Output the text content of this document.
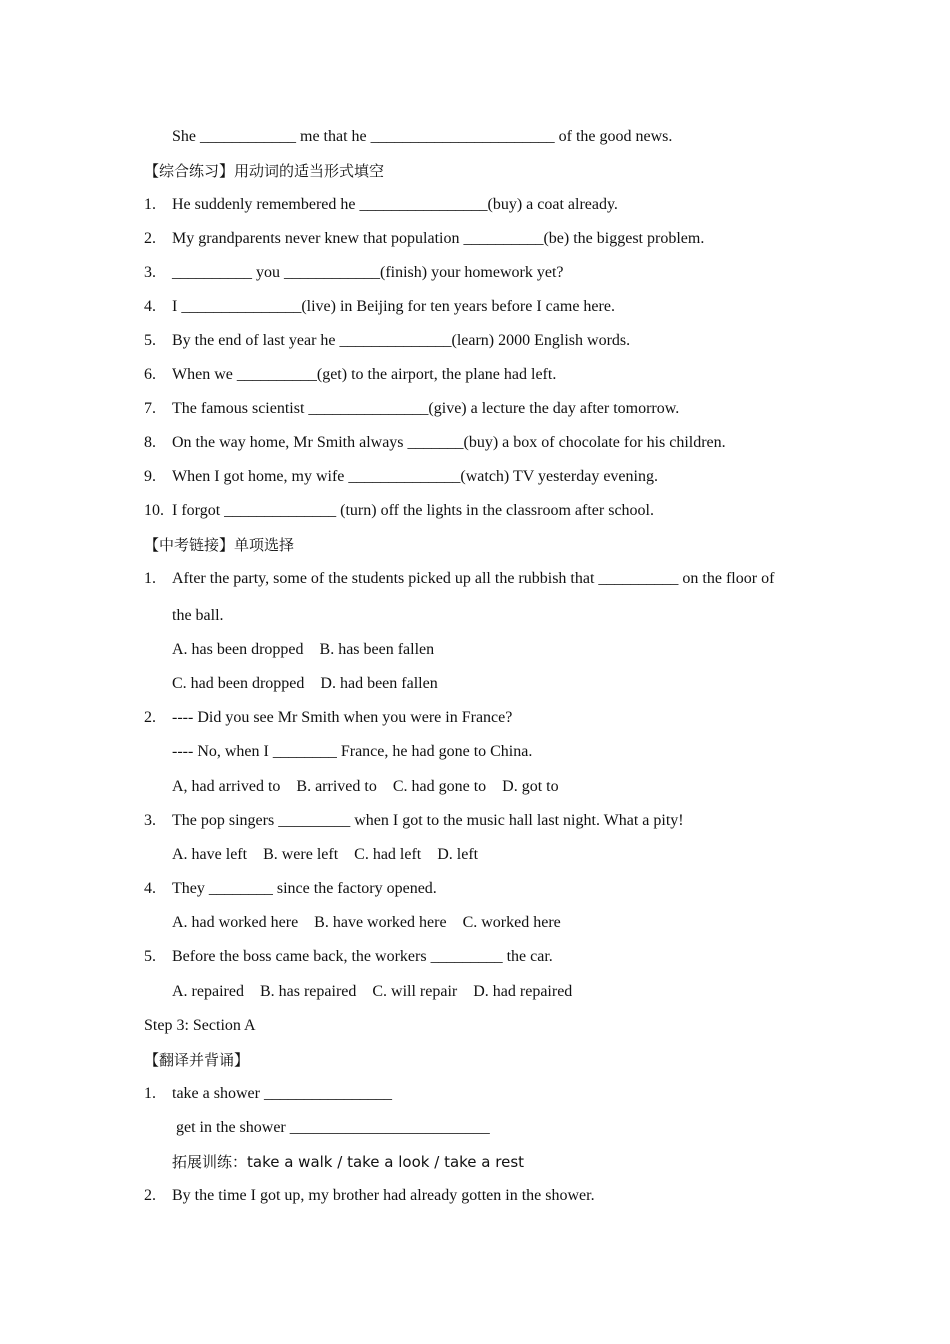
She ____________ me that he _______________________ of the good news.
【综合练习】用动词的适当形式填空
1. He suddenly remembered he ________________(buy) a coat already.
2. My grandparents never knew that population __________(be) the biggest problem.
3. __________ you ____________(finish) your homework yet?
4. I _______________(live) in Beijing for ten years before I came here.
5. By the end of last year he ______________(learn) 2000 English words.
6. When we __________(get) to the airport, the plane had left.
7. The famous scientist _______________(give) a lecture the day after tomorrow.
8. On the way home, Mr Smith always _______(buy) a box of chocolate for his children.
9. When I got home, my wife ______________(watch) TV yesterday evening.
10. I forgot ______________ (turn) off the lights in the classroom after school.
【中考链接】单项选择
1. After the party, some of the students picked up all the rubbish that __________ on the floor of
the ball.
A. has been dropped    B. has been fallen
C. had been dropped    D. had been fallen
2. ---- Did you see Mr Smith when you were in France?
---- No, when I ________ France, he had gone to China.
A, had arrived to    B. arrived to    C. had gone to    D. got to
3. The pop singers _________ when I got to the music hall last night. What a pity!
A. have left    B. were left    C. had left    D. left
4. They ________ since the factory opened.
A. had worked here    B. have worked here    C. worked here
5. Before the boss came back, the workers _________ the car.
A. repaired    B. has repaired    C. will repair    D. had repaired
Step 3: Section A
【翻译并背诵】
1. take a shower ________________
get in the shower _________________________
拓展训练：take a walk / take a look / take a rest
2. By the time I got up, my brother had already gotten in the shower.
